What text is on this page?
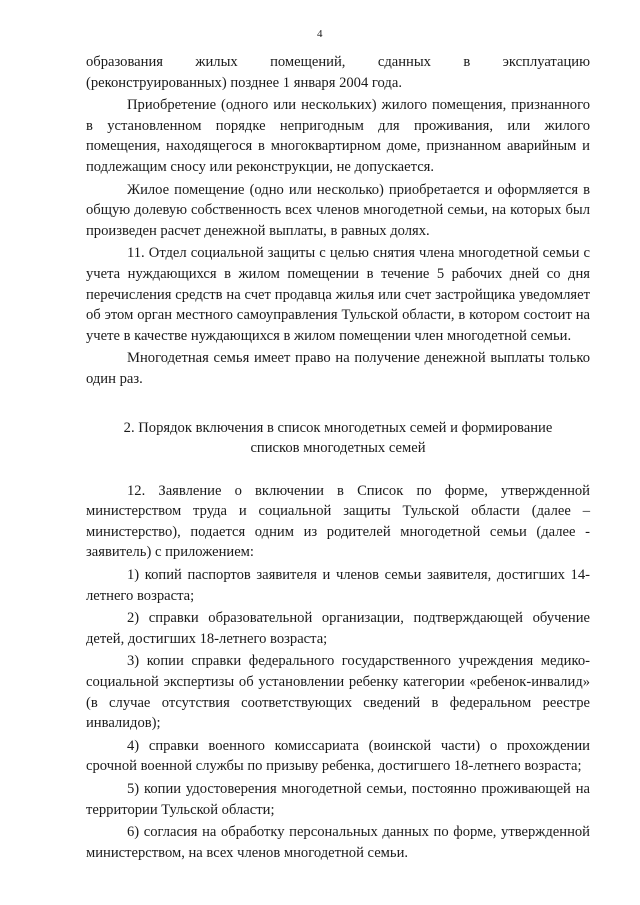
4

образования жилых помещений, сданных в эксплуатацию

(реконструированных) позднее 1 января 2004 года.

Приобретение (одного или нескольких) жилого помещения, признанного в установленном порядке непригодным для проживания, или жилого помещения, находящегося в многоквартирном доме, признанном аварийным и подлежащим сносу или реконструкции, не допускается.

Жилое помещение (одно или несколько) приобретается и оформляется в общую долевую собственность всех членов многодетной семьи, на которых был произведен расчет денежной выплаты, в равных долях.

11. Отдел социальной защиты с целью снятия члена многодетной семьи с учета нуждающихся в жилом помещении в течение 5 рабочих дней со дня перечисления средств на счет продавца жилья или счет застройщика уведомляет об этом орган местного самоуправления Тульской области, в котором состоит на учете в качестве нуждающихся в жилом помещении член многодетной семьи.

Многодетная семья имеет право на получение денежной выплаты только один раз.

2. Порядок включения в список многодетных семей и формирование
списков многодетных семей

12. Заявление о включении в Список по форме, утвержденной министерством труда и социальной защиты Тульской области (далее – министерство), подается одним из родителей многодетной семьи (далее - заявитель) с приложением:

1) копий паспортов заявителя и членов семьи заявителя, достигших 14-летнего возраста;

2) справки образовательной организации, подтверждающей обучение детей, достигших 18-летнего возраста;

3) копии справки федерального государственного учреждения медико-социальной экспертизы об установлении ребенку категории «ребенок-инвалид» (в случае отсутствия соответствующих сведений в федеральном реестре инвалидов);

4) справки военного комиссариата (воинской части) о прохождении срочной военной службы по призыву ребенка, достигшего 18-летнего возраста;

5) копии удостоверения многодетной семьи, постоянно проживающей на территории Тульской области;

6) согласия на обработку персональных данных по форме, утвержденной министерством, на всех членов многодетной семьи.
